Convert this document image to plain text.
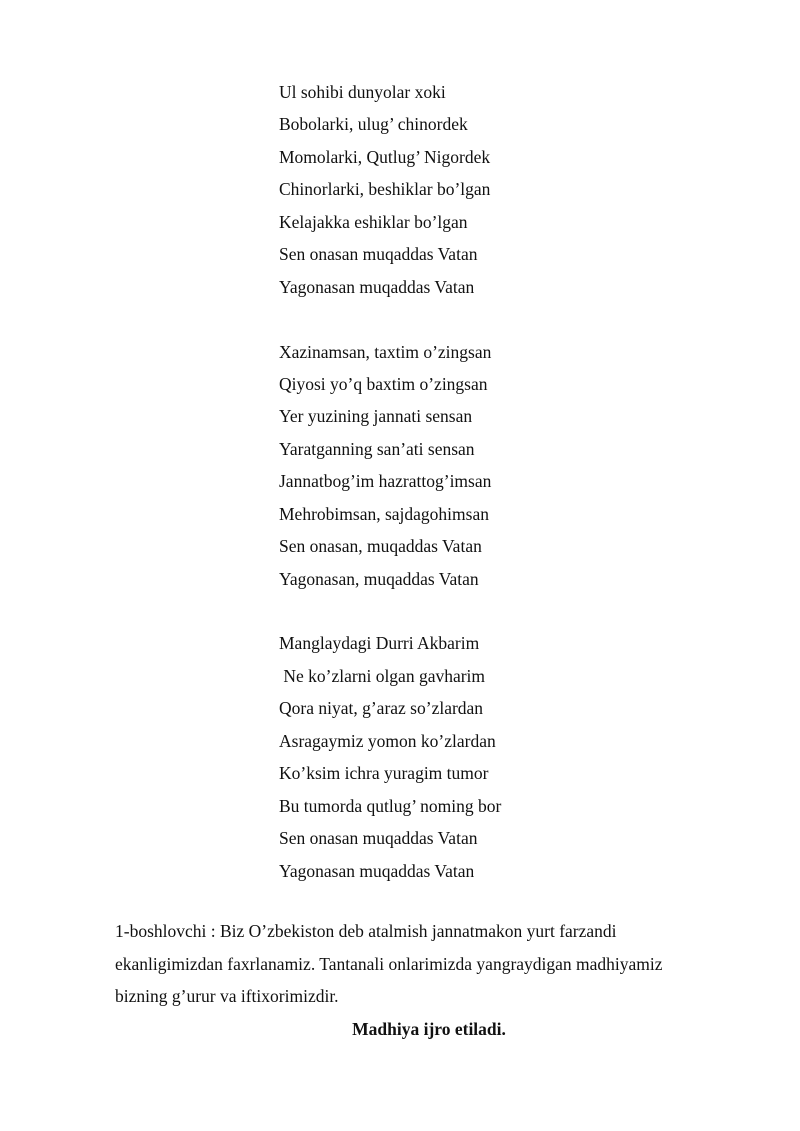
Ul sohibi dunyolar xoki
Bobolarki, ulug’ chinordek
Momolarki, Qutlug’ Nigordek
Chinorlarki, beshiklar bo’lgan
Kelajakka eshiklar bo’lgan
Sen onasan muqaddas Vatan
Yagonasan muqaddas Vatan
Xazinamsan, taxtim o’zingsan
Qiyosi yo’q baxtim o’zingsan
Yer yuzining jannati sensan
Yaratganning san’ati sensan
Jannatbog’im hazrattog’imsan
Mehrobimsan, sajdagohimsan
Sen onasan, muqaddas Vatan
Yagonasan, muqaddas Vatan
Manglaydagi Durri Akbarim
Ne ko’zlarni olgan gavharim
Qora niyat, g’araz so’zlardan
Asragaymiz yomon ko’zlardan
Ko’ksim ichra yuragim tumor
Bu tumorda qutlug’ noming bor
Sen onasan muqaddas Vatan
Yagonasan muqaddas Vatan
1-boshlovchi : Biz O’zbekiston deb atalmish jannatmakon yurt farzandi
ekanligimizdan faxrlanamiz. Tantanali onlarimizda yangraydigan madhiyamiz
bizning g’urur va iftixorimizdir.
Madhiya ijro etiladi.
